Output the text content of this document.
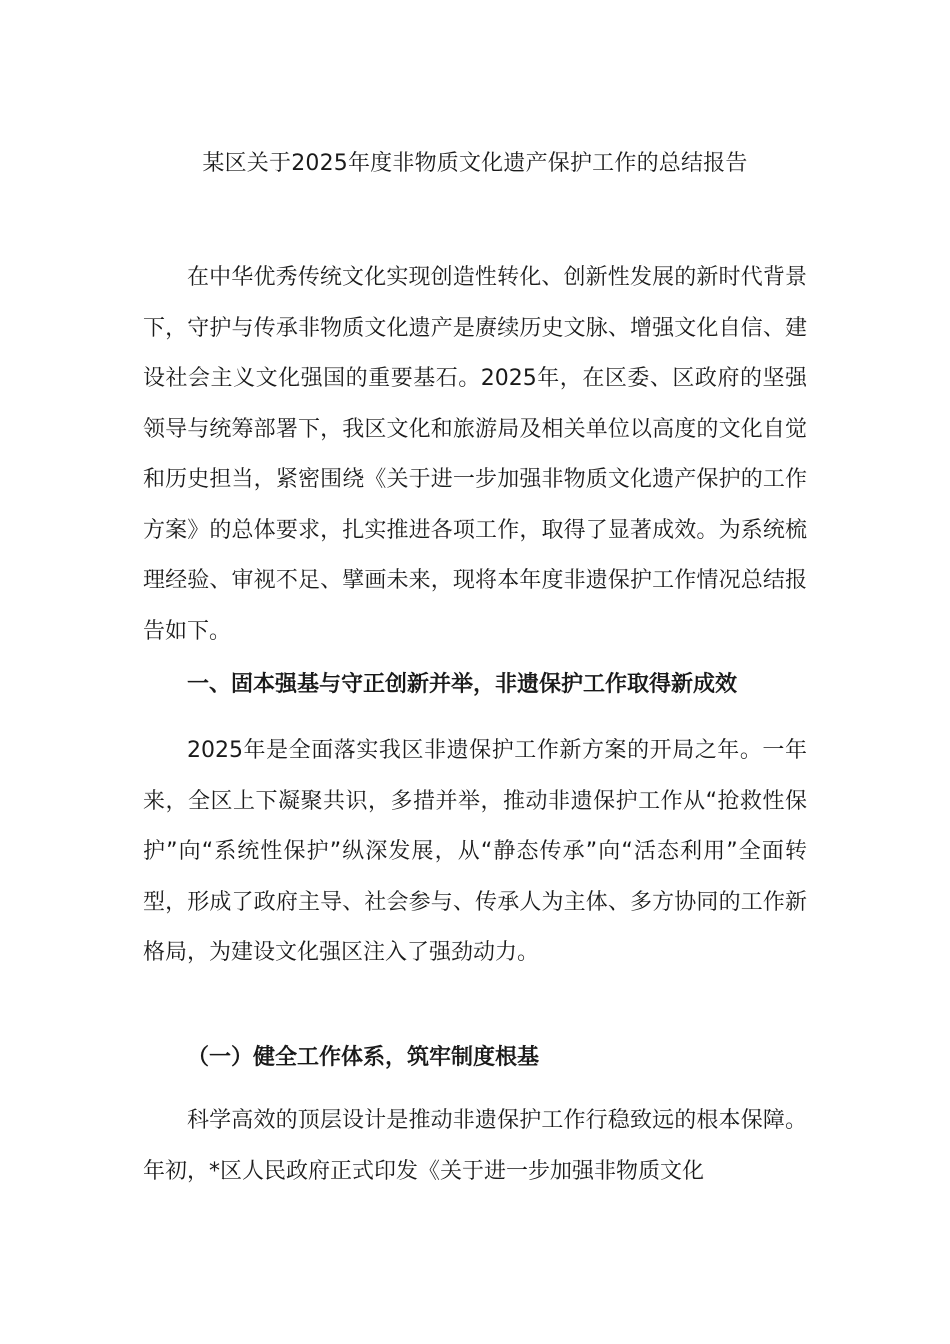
某区关于2025年度非物质文化遗产保护工作的总结报告

在中华优秀传统文化实现创造性转化、创新性发展的新时代背景下，守护与传承非物质文化遗产是赓续历史文脉、增强文化自信、建设社会主义文化强国的重要基石。2025年，在区委、区政府的坚强领导与统筹部署下，我区文化和旅游局及相关单位以高度的文化自觉和历史担当，紧密围绕《关于进一步加强非物质文化遗产保护的工作方案》的总体要求，扎实推进各项工作，取得了显著成效。为系统梳理经验、审视不足、擘画未来，现将本年度非遗保护工作情况总结报告如下。

一、固本强基与守正创新并举，非遗保护工作取得新成效

2025年是全面落实我区非遗保护工作新方案的开局之年。一年来，全区上下凝聚共识，多措并举，推动非遗保护工作从“抢救性保护”向“系统性保护”纵深发展，从“静态传承”向“活态利用”全面转型，形成了政府主导、社会参与、传承人为主体、多方协同的工作新格局，为建设文化强区注入了强劲动力。

（一）健全工作体系，筑牢制度根基

科学高效的顶层设计是推动非遗保护工作行稳致远的根本保障。年初，*区人民政府正式印发《关于进一步加强非物质文化
